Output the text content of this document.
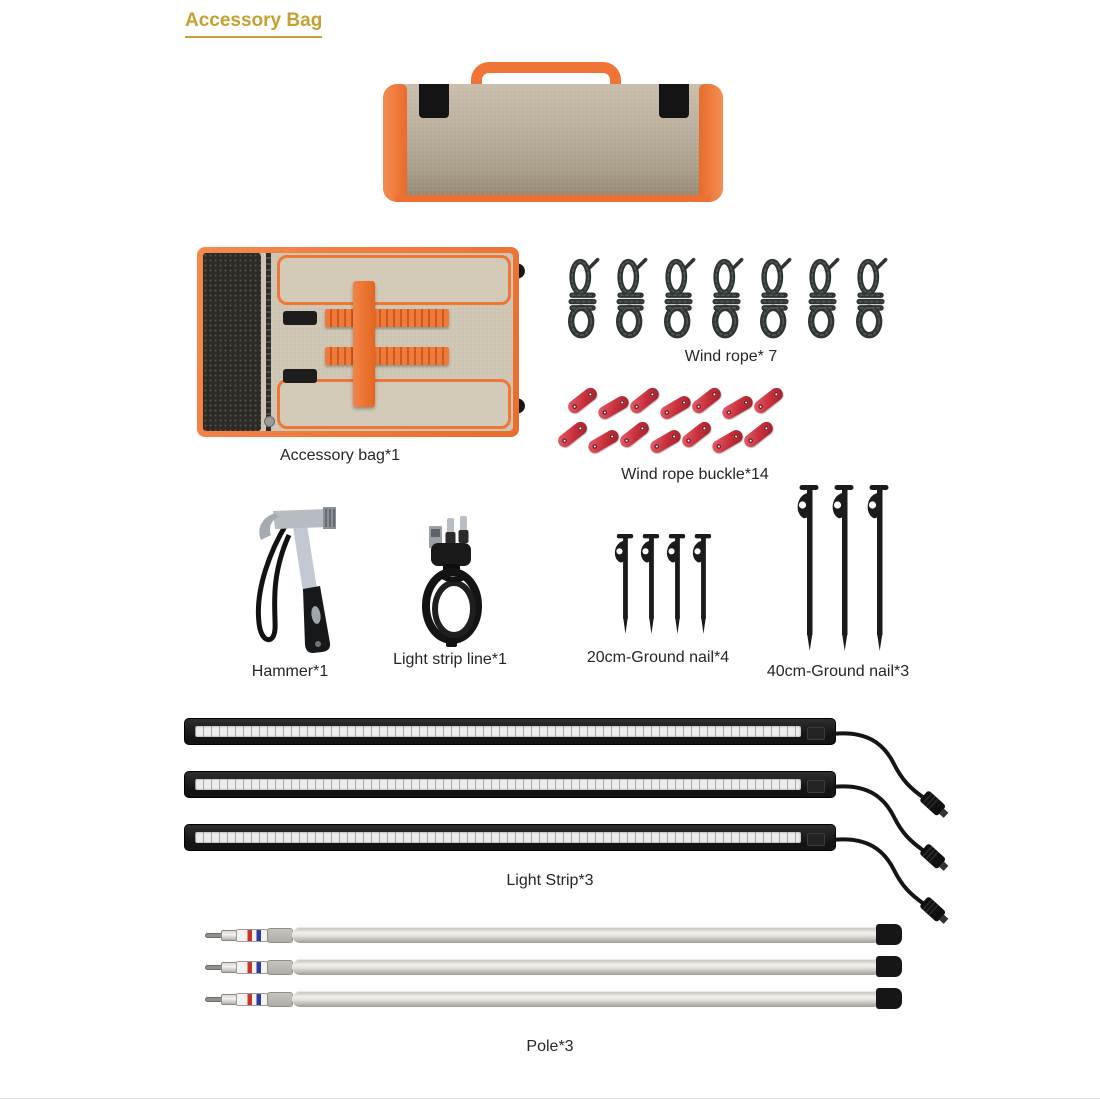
Accessory Bag
Accessory bag*1
Wind rope* 7
Wind rope buckle*14
Hammer*1
Light strip line*1	20cm-Ground nail*4
40cm-Ground nail*3
Light Strip*3
Pole*3
